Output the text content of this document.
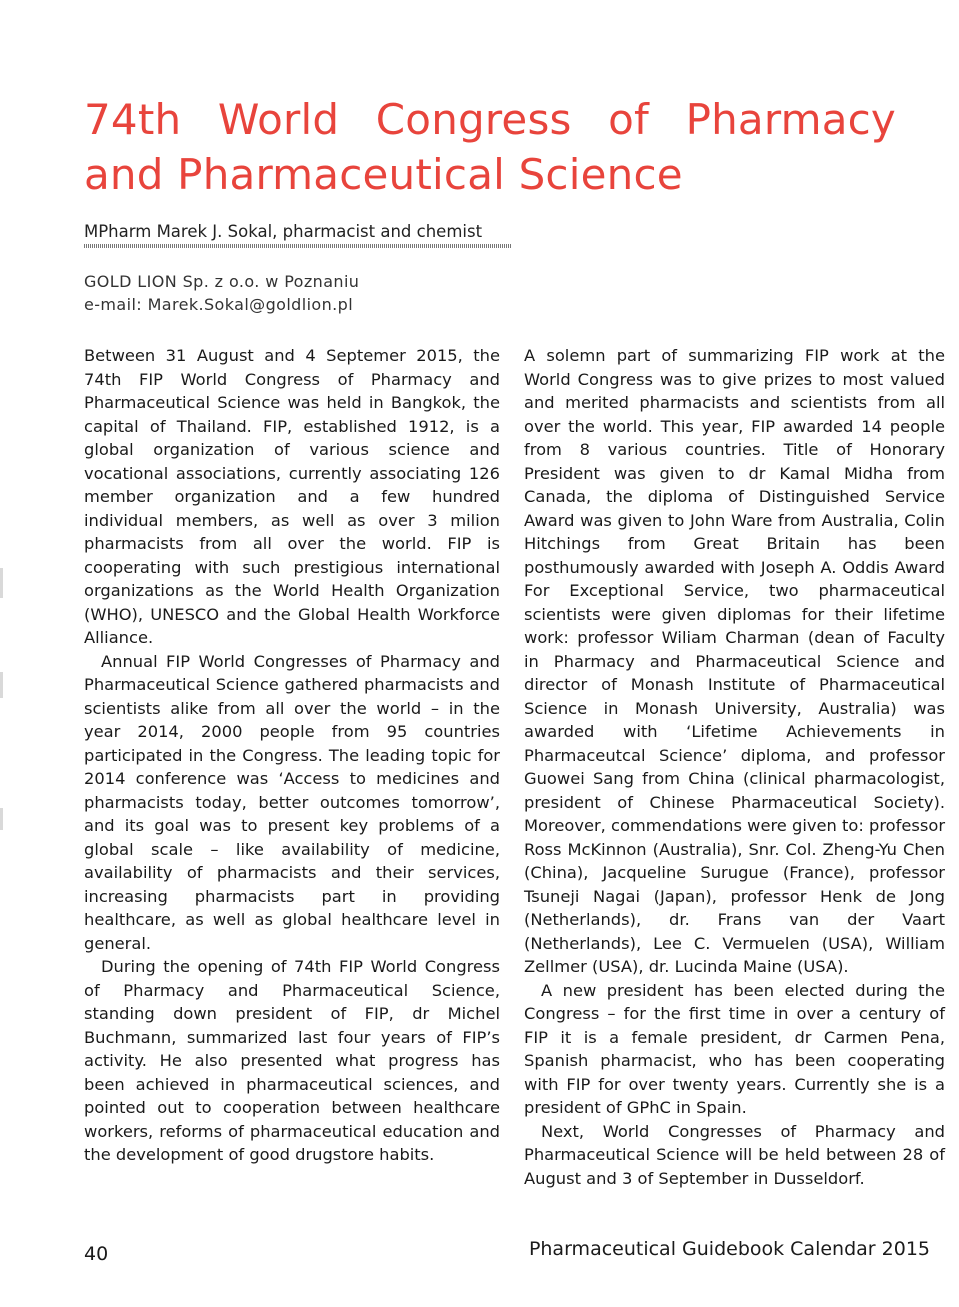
74th World Congress of Pharmacy and Pharmaceutical Science
MPharm Marek J. Sokal, pharmacist and chemist
GOLD LION Sp. z o.o. w Poznaniu
e-mail: Marek.Sokal@goldlion.pl

Between 31 August and 4 Septemer 2015, the 74th FIP World Congress of Pharmacy and Pharmaceutical Science was held in Bangkok, the capital of Thailand. FIP, established 1912, is a global organization of various science and vocational associations, currently associating 126 member organization and a few hundred individual members, as well as over 3 milion pharmacists from all over the world. FIP is cooperating with such prestigious international organizations as the World Health Organization (WHO), UNESCO and the Global Health Workforce Alliance.

Annual FIP World Congresses of Pharmacy and Pharmaceutical Science gathered pharmacists and scientists alike from all over the world – in the year 2014, 2000 people from 95 countries participated in the Congress. The leading topic for 2014 conference was ‘Access to medicines and pharmacists today, better outcomes tomorrow’, and its goal was to present key problems of a global scale – like availability of medicine, availability of pharmacists and their services, increasing pharmacists part in providing healthcare, as well as global healthcare level in general.

During the opening of 74th FIP World Congress of Pharmacy and Pharmaceutical Science, standing down president of FIP, dr Michel Buchmann, summarized last four years of FIP’s activity. He also presented what progress has been achieved in pharmaceutical sciences, and pointed out to cooperation between healthcare workers, reforms of pharmaceutical education and the development of good drugstore habits.

A solemn part of summarizing FIP work at the World Congress was to give prizes to most valued and merited pharmacists and scientists from all over the world. This year, FIP awarded 14 people from 8 various countries. Title of Honorary President was given to dr Kamal Midha from Canada, the diploma of Distinguished Service Award was given to John Ware from Australia, Colin Hitchings from Great Britain has been posthumously awarded with Joseph A. Oddis Award For Exceptional Service, two pharmaceutical scientists were given diplomas for their lifetime work: professor Wiliam Charman (dean of Faculty in Pharmacy and Pharmaceutical Science and director of Monash Institute of Pharmaceutical Science in Monash University, Australia) was awarded with ‘Lifetime Achievements in Pharmaceutcal Science’ diploma, and professor Guowei Sang from China (clinical pharmacologist, president of Chinese Pharmaceutical Society). Moreover, commendations were given to: professor Ross McKinnon (Australia), Snr. Col. Zheng-Yu Chen (China), Jacqueline Surugue (France), professor Tsuneji Nagai (Japan), professor Henk de Jong (Netherlands), dr. Frans van der Vaart (Netherlands), Lee C. Vermuelen (USA), William Zellmer (USA), dr. Lucinda Maine (USA).

A new president has been elected during the Congress – for the first time in over a century of FIP it is a female president, dr Carmen Pena, Spanish pharmacist, who has been cooperating with FIP for over twenty years. Currently she is a president of GPhC in Spain.

Next, World Congresses of Pharmacy and Pharmaceutical Science will be held between 28 of August and 3 of September in Dusseldorf.

40	Pharmaceutical Guidebook Calendar 2015
